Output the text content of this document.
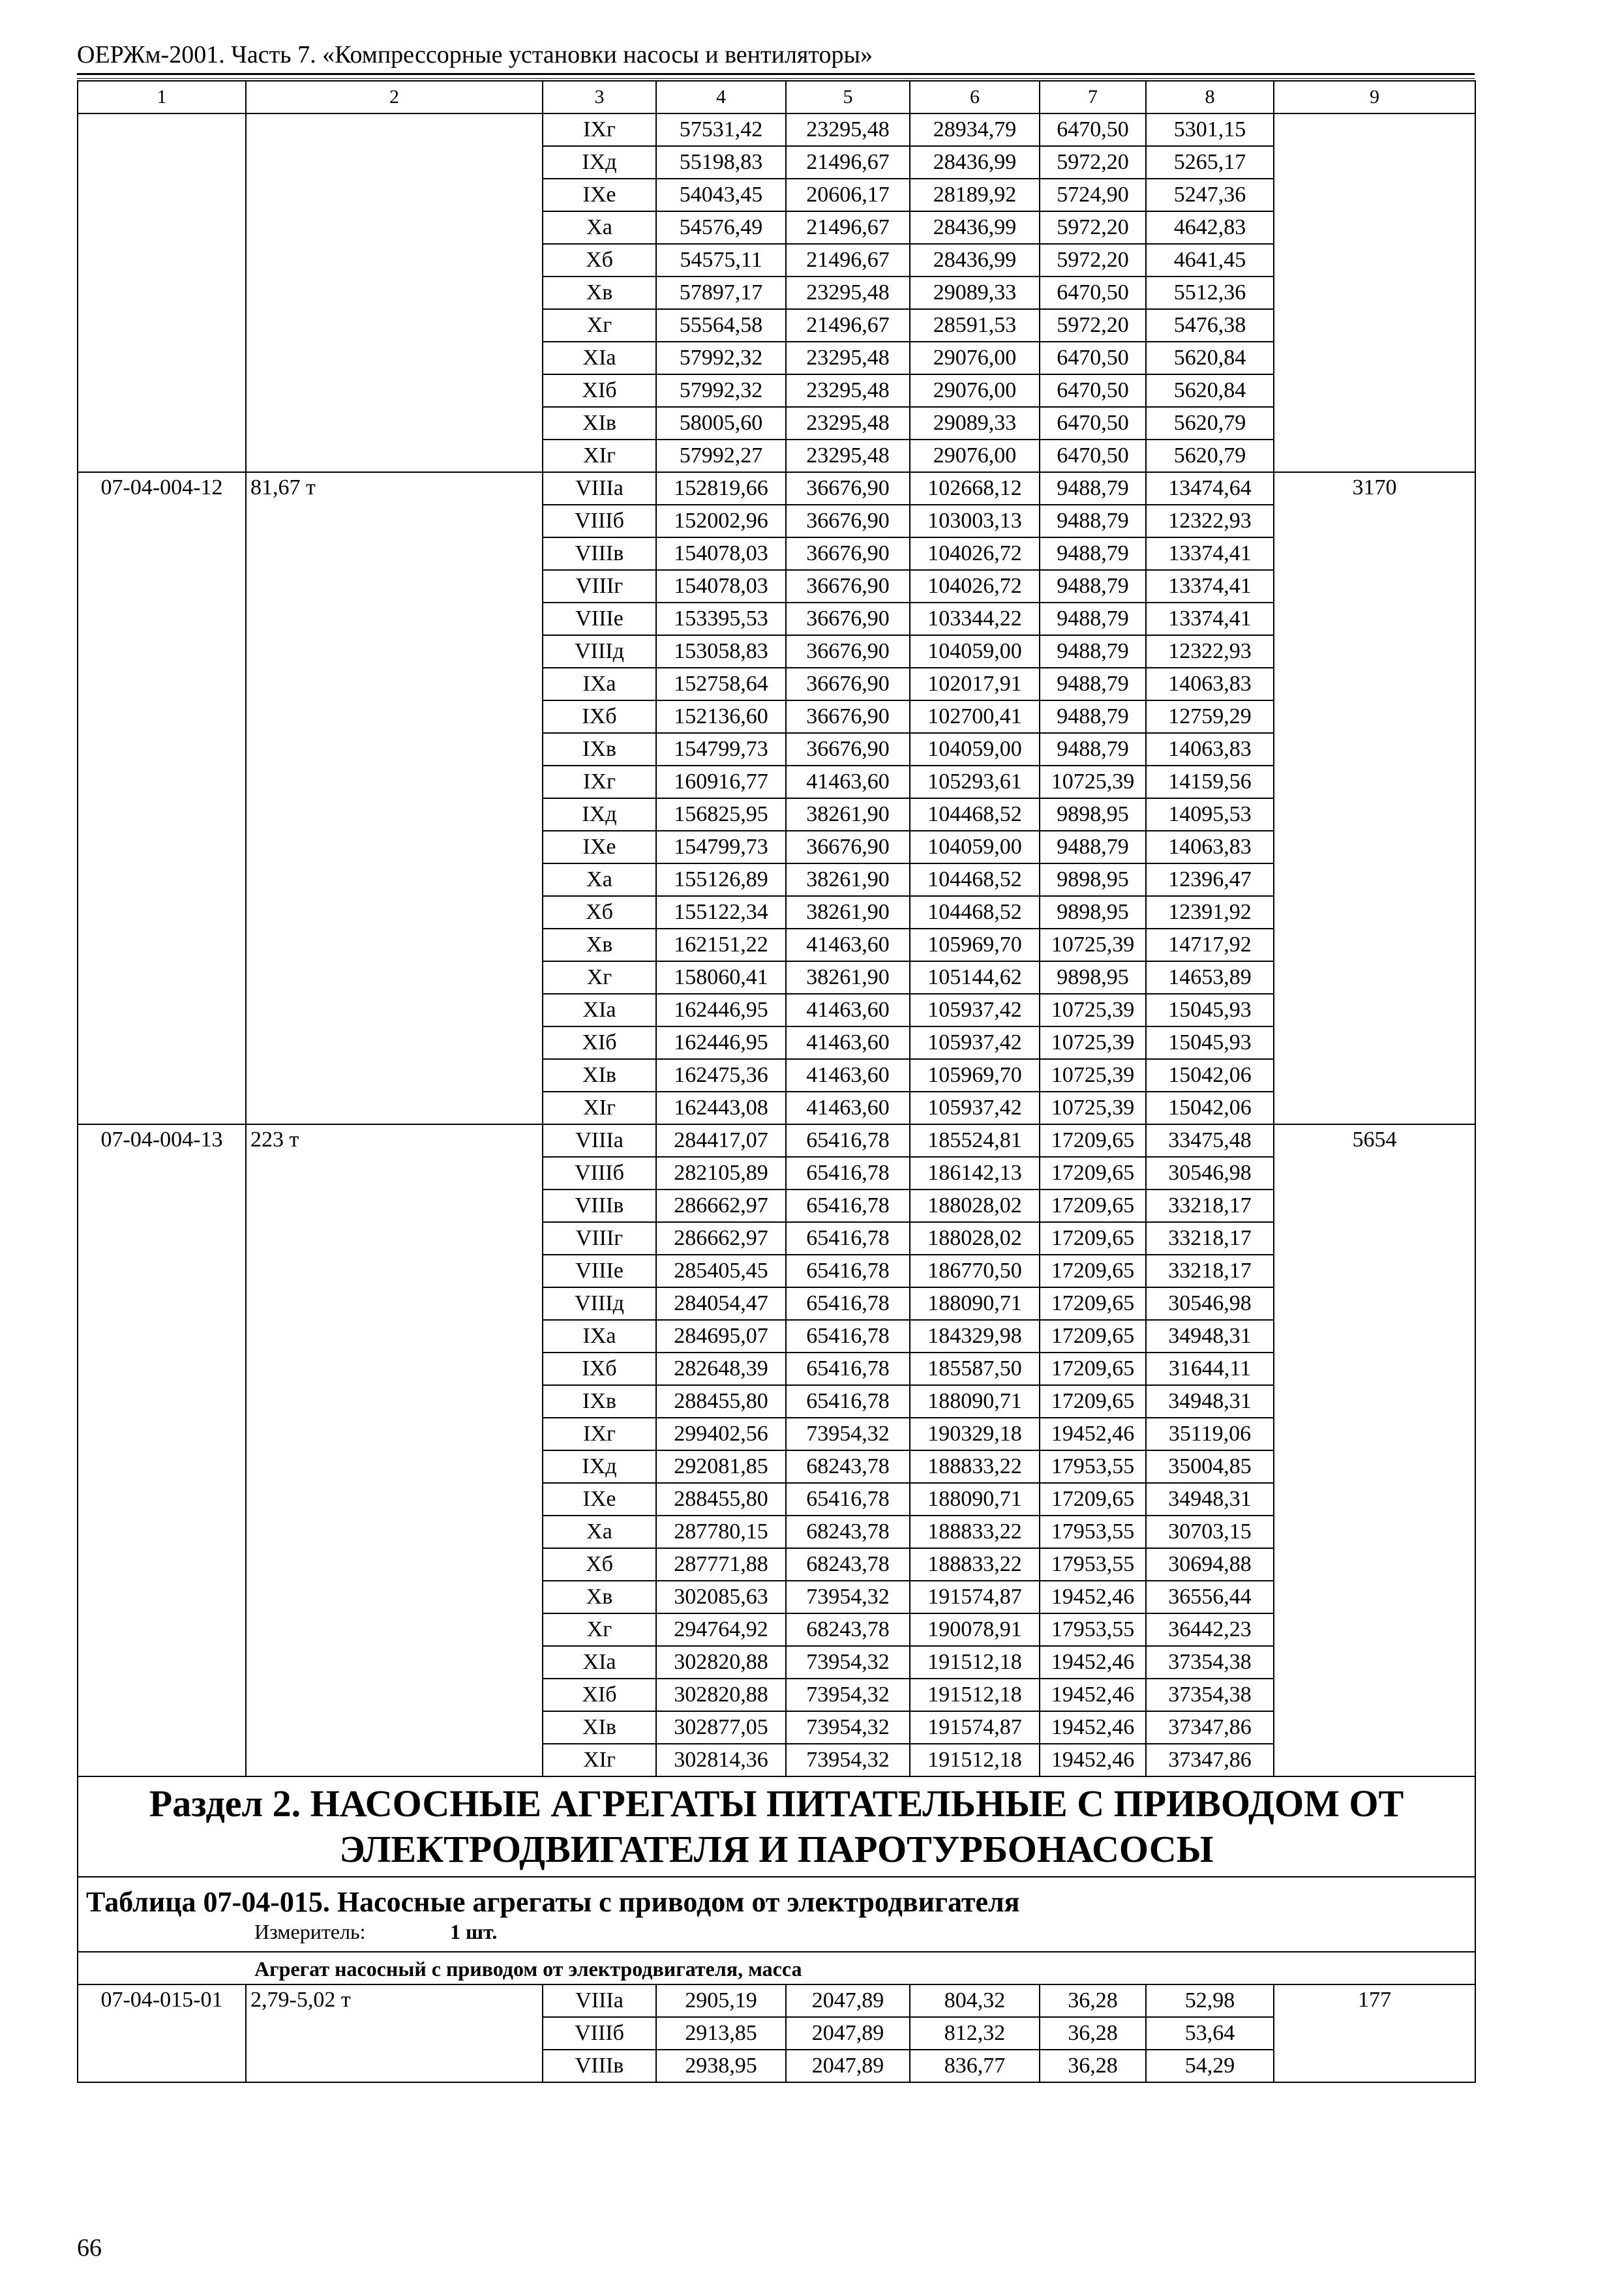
ОЕРЖм-2001. Часть 7. «Компрессорные установки насосы и вентиляторы»
1	2	3	4	5	6	7	8	9
		IXг	57531,42	23295,48	28934,79	6470,50	5301,15	
		IXд	55198,83	21496,67	28436,99	5972,20	5265,17	
		IXе	54043,45	20606,17	28189,92	5724,90	5247,36	
		Xа	54576,49	21496,67	28436,99	5972,20	4642,83	
		Xб	54575,11	21496,67	28436,99	5972,20	4641,45	
		Xв	57897,17	23295,48	29089,33	6470,50	5512,36	
		Xг	55564,58	21496,67	28591,53	5972,20	5476,38	
		XIа	57992,32	23295,48	29076,00	6470,50	5620,84	
		XIб	57992,32	23295,48	29076,00	6470,50	5620,84	
		XIв	58005,60	23295,48	29089,33	6470,50	5620,79	
		XIг	57992,27	23295,48	29076,00	6470,50	5620,79	
07-04-004-12	81,67 т	VIIIа	152819,66	36676,90	102668,12	9488,79	13474,64	3170
		VIIIб	152002,96	36676,90	103003,13	9488,79	12322,93	
		VIIIв	154078,03	36676,90	104026,72	9488,79	13374,41	
		VIIIг	154078,03	36676,90	104026,72	9488,79	13374,41	
		VIIIе	153395,53	36676,90	103344,22	9488,79	13374,41	
		VIIIд	153058,83	36676,90	104059,00	9488,79	12322,93	
		IXа	152758,64	36676,90	102017,91	9488,79	14063,83	
		IXб	152136,60	36676,90	102700,41	9488,79	12759,29	
		IXв	154799,73	36676,90	104059,00	9488,79	14063,83	
		IXг	160916,77	41463,60	105293,61	10725,39	14159,56	
		IXд	156825,95	38261,90	104468,52	9898,95	14095,53	
		IXе	154799,73	36676,90	104059,00	9488,79	14063,83	
		Xа	155126,89	38261,90	104468,52	9898,95	12396,47	
		Xб	155122,34	38261,90	104468,52	9898,95	12391,92	
		Xв	162151,22	41463,60	105969,70	10725,39	14717,92	
		Xг	158060,41	38261,90	105144,62	9898,95	14653,89	
		XIа	162446,95	41463,60	105937,42	10725,39	15045,93	
		XIб	162446,95	41463,60	105937,42	10725,39	15045,93	
		XIв	162475,36	41463,60	105969,70	10725,39	15042,06	
		XIг	162443,08	41463,60	105937,42	10725,39	15042,06	
07-04-004-13	223 т	VIIIа	284417,07	65416,78	185524,81	17209,65	33475,48	5654
		VIIIб	282105,89	65416,78	186142,13	17209,65	30546,98	
		VIIIв	286662,97	65416,78	188028,02	17209,65	33218,17	
		VIIIг	286662,97	65416,78	188028,02	17209,65	33218,17	
		VIIIе	285405,45	65416,78	186770,50	17209,65	33218,17	
		VIIIд	284054,47	65416,78	188090,71	17209,65	30546,98	
		IXа	284695,07	65416,78	184329,98	17209,65	34948,31	
		IXб	282648,39	65416,78	185587,50	17209,65	31644,11	
		IXв	288455,80	65416,78	188090,71	17209,65	34948,31	
		IXг	299402,56	73954,32	190329,18	19452,46	35119,06	
		IXд	292081,85	68243,78	188833,22	17953,55	35004,85	
		IXе	288455,80	65416,78	188090,71	17209,65	34948,31	
		Xа	287780,15	68243,78	188833,22	17953,55	30703,15	
		Xб	287771,88	68243,78	188833,22	17953,55	30694,88	
		Xв	302085,63	73954,32	191574,87	19452,46	36556,44	
		Xг	294764,92	68243,78	190078,91	17953,55	36442,23	
		XIа	302820,88	73954,32	191512,18	19452,46	37354,38	
		XIб	302820,88	73954,32	191512,18	19452,46	37354,38	
		XIв	302877,05	73954,32	191574,87	19452,46	37347,86	
		XIг	302814,36	73954,32	191512,18	19452,46	37347,86	

Раздел 2. НАСОСНЫЕ АГРЕГАТЫ ПИТАТЕЛЬНЫЕ С ПРИВОДОМ ОТ
ЭЛЕКТРОДВИГАТЕЛЯ И ПАРОТУРБОНАСОСЫ								

Таблица 07-04-015. Насосные агрегаты с приводом от электродвигателя								
Измеритель: 1 шт.								
Агрегат насосный с приводом от электродвигателя, масса								
07-04-015-01	2,79-5,02 т	VIIIа	2905,19	2047,89	804,32	36,28	52,98	177
		VIIIб	2913,85	2047,89	812,32	36,28	53,64	
		VIIIв	2938,95	2047,89	836,77	36,28	54,29	
66
